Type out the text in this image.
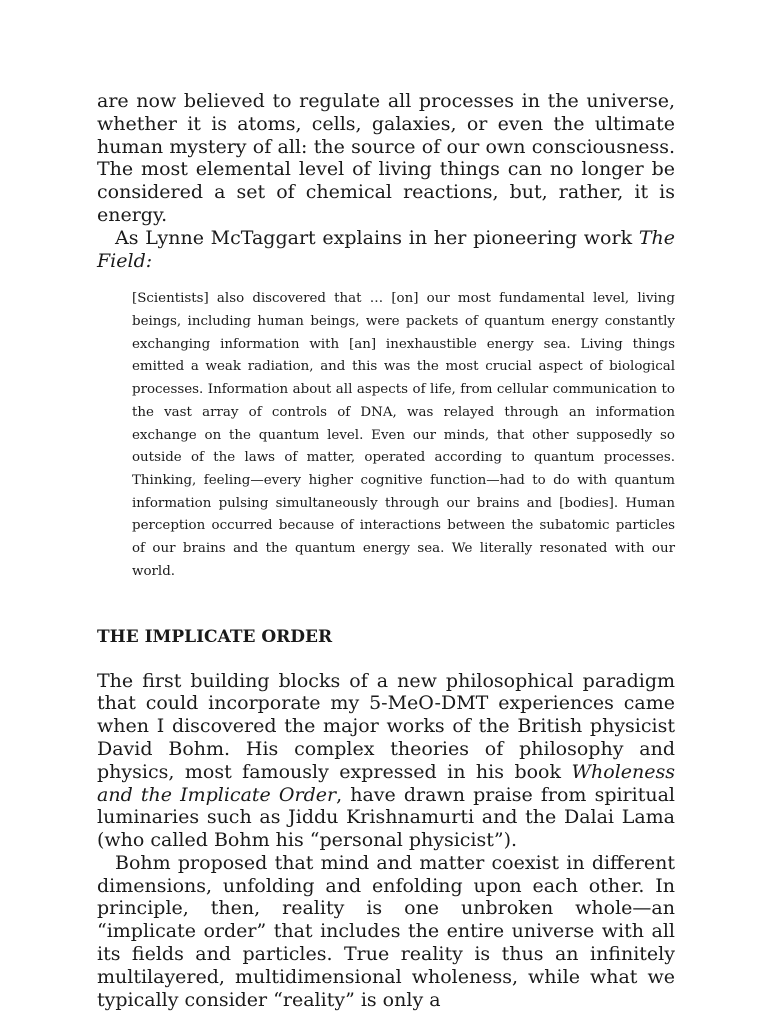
are now believed to regulate all processes in the universe, whether it is atoms, cells, galaxies, or even the ultimate human mystery of all: the source of our own consciousness. The most elemental level of living things can no longer be considered a set of chemical reactions, but, rather, it is energy.

As Lynne McTaggart explains in her pioneering work The Field:

[Scientists] also discovered that … [on] our most fundamental level, living beings, including human beings, were packets of quantum energy constantly exchanging information with [an] inexhaustible energy sea. Living things emitted a weak radiation, and this was the most crucial aspect of biological processes. Information about all aspects of life, from cellular communication to the vast array of controls of DNA, was relayed through an information exchange on the quantum level. Even our minds, that other supposedly so outside of the laws of matter, operated according to quantum processes. Thinking, feeling—every higher cognitive function—had to do with quantum information pulsing simultaneously through our brains and [bodies]. Human perception occurred because of interactions between the subatomic particles of our brains and the quantum energy sea. We literally resonated with our world.

THE IMPLICATE ORDER

The first building blocks of a new philosophical paradigm that could incorporate my 5-MeO-DMT experiences came when I discovered the major works of the British physicist David Bohm. His complex theories of philosophy and physics, most famously expressed in his book Wholeness and the Implicate Order, have drawn praise from spiritual luminaries such as Jiddu Krishnamurti and the Dalai Lama (who called Bohm his “personal physicist”).

Bohm proposed that mind and matter coexist in different dimensions, unfolding and enfolding upon each other. In principle, then, reality is one unbroken whole—an “implicate order” that includes the entire universe with all its fields and particles. True reality is thus an infinitely multilayered, multidimensional wholeness, while what we typically consider “reality” is only a
